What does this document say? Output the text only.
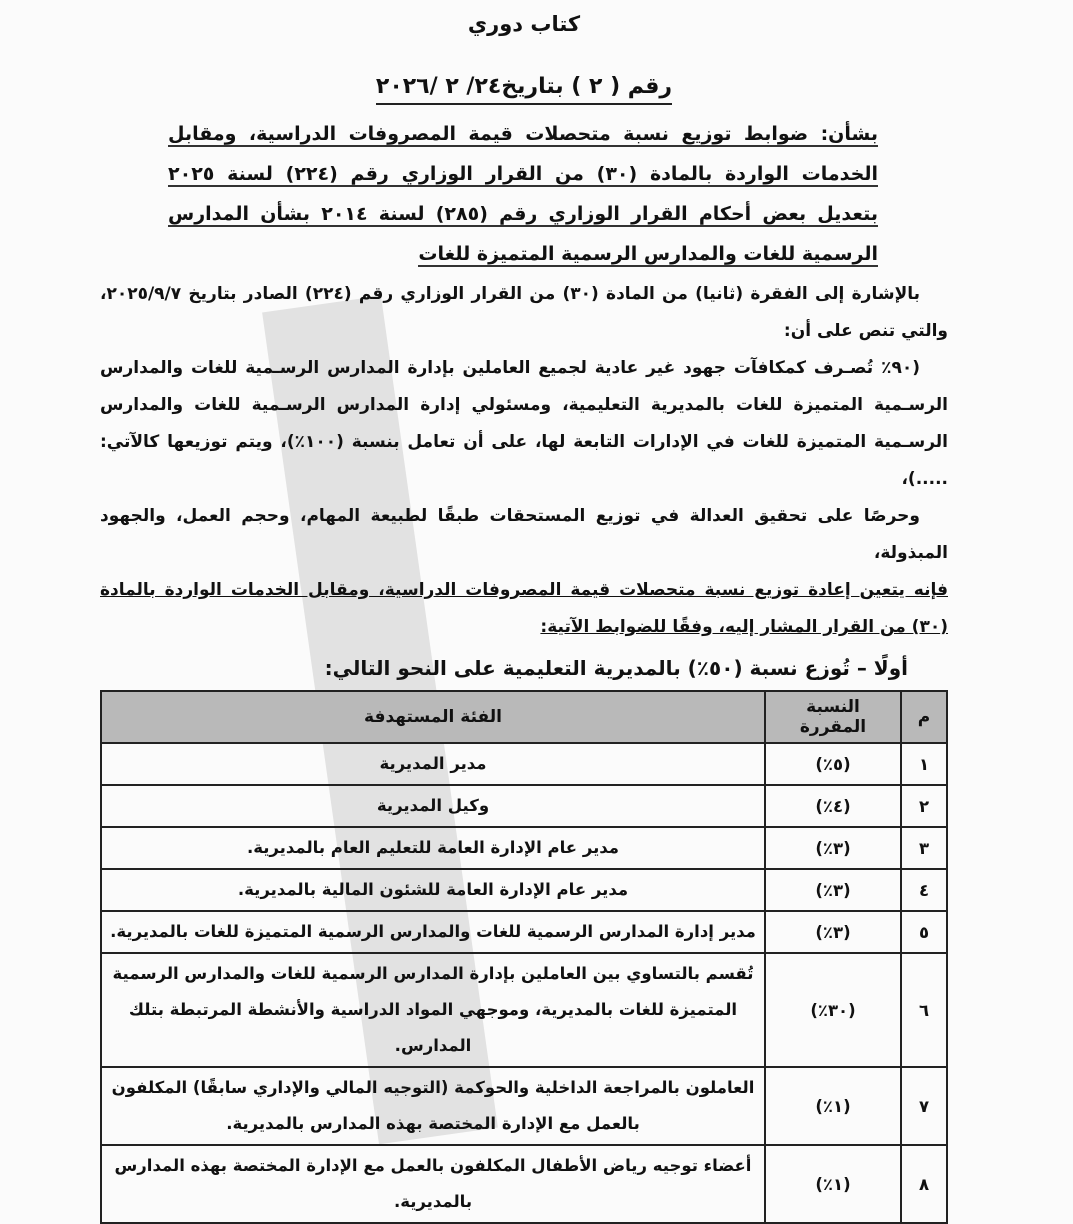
كتاب دوري
رقم ( ٢ ) بتاريخ٢٤/ ٢ /٢٠٢٦
بشأن: ضوابط توزيع نسبة متحصلات قيمة المصروفات الدراسية، ومقابل الخدمات الواردة بالمادة (٣٠) من القرار الوزاري رقم (٢٢٤) لسنة ٢٠٢٥ بتعديل بعض أحكام القرار الوزاري رقم (٢٨٥) لسنة ٢٠١٤ بشأن المدارس الرسمية للغات والمدارس الرسمية المتميزة للغات

بالإشارة إلى الفقرة (ثانيا) من المادة (٣٠) من القرار الوزاري رقم (٢٢٤) الصادر بتاريخ ٢٠٢٥/٩/٧، والتي تنص على أن:

(٩٠٪ تُصـرف كمكافآت جهود غير عادية لجميع العاملين بإدارة المدارس الرسـمية للغات والمدارس الرسـمية المتميزة للغات بالمديرية التعليمية، ومسئولي إدارة المدارس الرسـمية للغات والمدارس الرسـمية المتميزة للغات في الإدارات التابعة لها، على أن تعامل بنسبة (١٠٠٪)، ويتم توزيعها كالآتي: .....)،

وحرصًا على تحقيق العدالة في توزيع المستحقات طبقًا لطبيعة المهام، وحجم العمل، والجهود المبذولة،

فإنه يتعين إعادة توزيع نسبة متحصلات قيمة المصروفات الدراسية، ومقابل الخدمات الواردة بالمادة (٣٠) من القرار المشار إليه، وفقًا للضوابط الآتية:

أولًا – تُوزع نسبة (٥٠٪) بالمديرية التعليمية على النحو التالي:
م	النسبة المقررة	الفئة المستهدفة
١	(٥٪)	مدير المديرية
٢	(٤٪)	وكيل المديرية
٣	(٣٪)	مدير عام الإدارة العامة للتعليم العام بالمديرية.
٤	(٣٪)	مدير عام الإدارة العامة للشئون المالية بالمديرية.
٥	(٣٪)	مدير إدارة المدارس الرسمية للغات والمدارس الرسمية المتميزة للغات بالمديرية.
٦	(٣٠٪)	تُقسم بالتساوي بين العاملين بإدارة المدارس الرسمية للغات والمدارس الرسمية المتميزة للغات بالمديرية، وموجهي المواد الدراسية والأنشطة المرتبطة بتلك المدارس.
٧	(١٪)	العاملون بالمراجعة الداخلية والحوكمة (التوجيه المالي والإداري سابقًا) المكلفون بالعمل مع الإدارة المختصة بهذه المدارس بالمديرية.
٨	(١٪)	أعضاء توجيه رياض الأطفال المكلفون بالعمل مع الإدارة المختصة بهذه المدارس بالمديرية.
